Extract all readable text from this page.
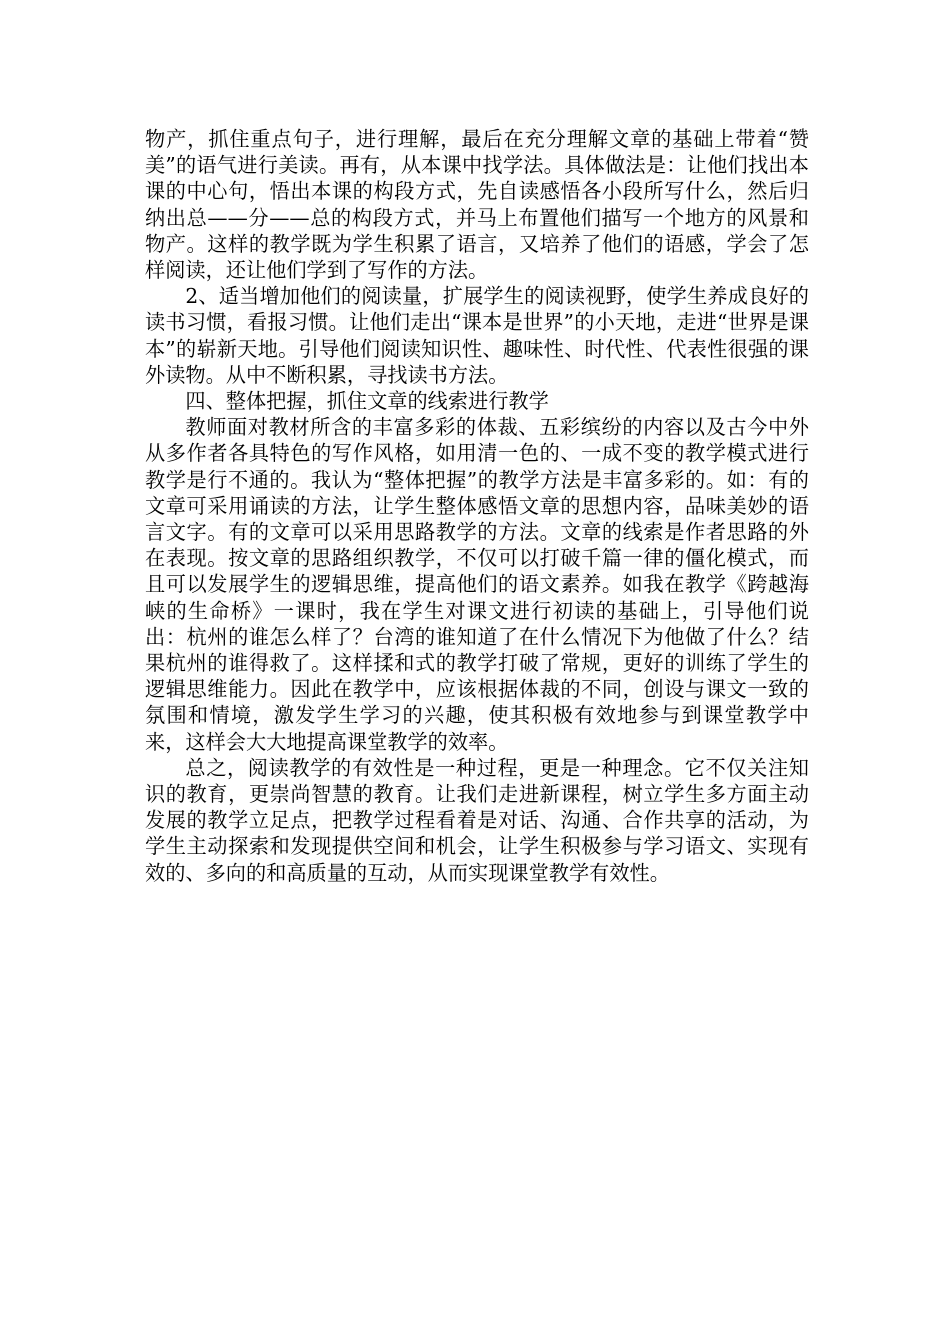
物产，抓住重点句子，进行理解，最后在充分理解文章的基础上带着“赞美”的语气进行美读。再有，从本课中找学法。具体做法是：让他们找出本课的中心句，悟出本课的构段方式，先自读感悟各小段所写什么，然后归纳出总——分——总的构段方式，并马上布置他们描写一个地方的风景和物产。这样的教学既为学生积累了语言，又培养了他们的语感，学会了怎样阅读，还让他们学到了写作的方法。

2、适当增加他们的阅读量，扩展学生的阅读视野，使学生养成良好的读书习惯，看报习惯。让他们走出“课本是世界”的小天地，走进“世界是课本”的崭新天地。引导他们阅读知识性、趣味性、时代性、代表性很强的课外读物。从中不断积累，寻找读书方法。

四、整体把握，抓住文章的线索进行教学

教师面对教材所含的丰富多彩的体裁、五彩缤纷的内容以及古今中外从多作者各具特色的写作风格，如用清一色的、一成不变的教学模式进行教学是行不通的。我认为“整体把握”的教学方法是丰富多彩的。如：有的文章可采用诵读的方法，让学生整体感悟文章的思想内容，品味美妙的语言文字。有的文章可以采用思路教学的方法。文章的线索是作者思路的外在表现。按文章的思路组织教学，不仅可以打破千篇一律的僵化模式，而且可以发展学生的逻辑思维，提高他们的语文素养。如我在教学《跨越海峡的生命桥》一课时，我在学生对课文进行初读的基础上，引导他们说出：杭州的谁怎么样了？台湾的谁知道了在什么情况下为他做了什么？结果杭州的谁得救了。这样揉和式的教学打破了常规，更好的训练了学生的逻辑思维能力。因此在教学中，应该根据体裁的不同，创设与课文一致的氛围和情境，激发学生学习的兴趣，使其积极有效地参与到课堂教学中来，这样会大大地提高课堂教学的效率。

总之，阅读教学的有效性是一种过程，更是一种理念。它不仅关注知识的教育，更崇尚智慧的教育。让我们走进新课程，树立学生多方面主动发展的教学立足点，把教学过程看着是对话、沟通、合作共享的活动，为学生主动探索和发现提供空间和机会，让学生积极参与学习语文、实现有效的、多向的和高质量的互动，从而实现课堂教学有效性。
